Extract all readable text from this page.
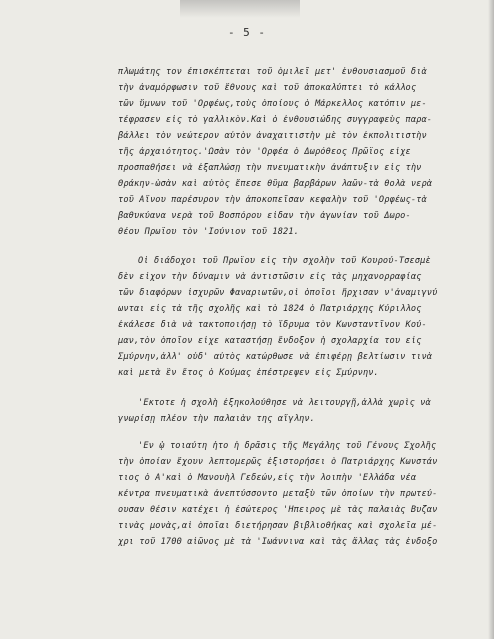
- 5 -
πλωμάτης τον έπισκέπτεται τοῦ ὁμιλεῖ μετ' ἐνθουσιασμοῦ διὰ
τὴν ἀναμόρφωσιν τοῦ ἔθνους καὶ τοῦ ἀποκαλύπτει τὸ κάλλος
τῶν ὕμνων τοῦ 'Ορφέως,τοὺς ὁποίους ὁ Μάρκελλος κατόπιν με-
τέφρασεν εἰς τὸ γαλλικὸν.Καὶ ὁ ἐνθουσιώδης συγγραφεὺς παρα-
βάλλει τὸν νεώτερον αὐτὸν ἀναχαιτιστὴν μὲ τὸν ἐκπολιτιστὴν
τῆς ἀρχαιότητος.'Ωσὰν τὸν 'Ορφέα ὁ Δωρόθεος Πρῶϊος εἶχε
προσπαθήσει νὰ ἐξαπλώσῃ τὴν πνευματικὴν ἀνάπτυξιν εἰς τὴν
Θράκην-ὡσὰν καὶ αὐτὸς ἔπεσε θῦμα βαρβάρων λαῶν-τὰ θολὰ νερὰ
τοῦ Αἴνου παρέσυρον τὴν ἀποκοπεῖσαν κεφαλὴν τοῦ 'Ορφέως-τὰ
βαθυκύανα νερὰ τοῦ Βοσπόρου εἶδαν τὴν ἀγωνίαν τοῦ Δωρο-
θέου Πρωΐου τὸν 'Ιούνιον τοῦ 1821.
Οἱ διάδοχοι τοῦ Πρωΐου εἰς τὴν σχολὴν τοῦ Κουρού-Τσεσμὲ
δὲν εἶχον τὴν δύναμιν νὰ ἀντιστῶσιν εἰς τὰς μηχανορραφίας
τῶν διαφόρων ἰσχυρῶν Φαναριωτῶν,οἱ ὁποῖοι ἤρχισαν ν'ἀναμιγνύ
ωνται εἰς τὰ τῆς σχολῆς καὶ τὸ 1824 ὁ Πατριάρχης Κύριλλος
ἐκάλεσε διὰ νὰ τακτοποιήσῃ τὸ ἵδρυμα τὸν Κωνσταντῖνον Κού-
μαν,τὸν ὁποῖον εἶχε καταστήσῃ ἔνδοξον ἡ σχολαρχία του εἰς
Σμύρνην,ἀλλ' οὐδ' αὐτὸς κατώρθωσε νὰ ἐπιφέρῃ βελτίωσιν τινὰ
καὶ μετὰ ἓν ἔτος ὁ Κούμας ἐπέστρεψεν εἰς Σμύρνην.
'Εκτοτε ἡ σχολὴ ἐξηκολούθησε νὰ λειτουργῇ,ἀλλὰ χωρὶς νὰ
γνωρίσῃ πλέον τὴν παλαιὰν της αἴγλην.
'Εν ᾧ τοιαύτη ἦτο ἡ δρᾶσις τῆς Μεγάλης τοῦ Γένους Σχολῆς
τὴν ὁποίαν ἔχουν λεπτομερῶς ἐξιστορήσει ὁ Πατριάρχης Κωνστάν
τιος ὁ Α'καὶ ὁ Μανουὴλ Γεδεών,εἰς τὴν λοιπὴν 'Ελλάδα νέα
κέντρα πνευματικὰ ἀνεπτύσσοντο μεταξὺ τῶν ὁποίων τὴν πρωτεύ-
ουσαν θέσιν κατέχει ἡ ἐσώτερος 'Ηπειρος μὲ τὰς παλαιὰς Βυζαν
τινὰς μονὰς,αἱ ὁποῖαι διετήρησαν βιβλιοθήκας καὶ σχολεῖα μέ-
χρι τοῦ 1700 αἰῶνος μὲ τὰ 'Ιωάννινα καὶ τὰς ἄλλας τὰς ἐνδοξο
